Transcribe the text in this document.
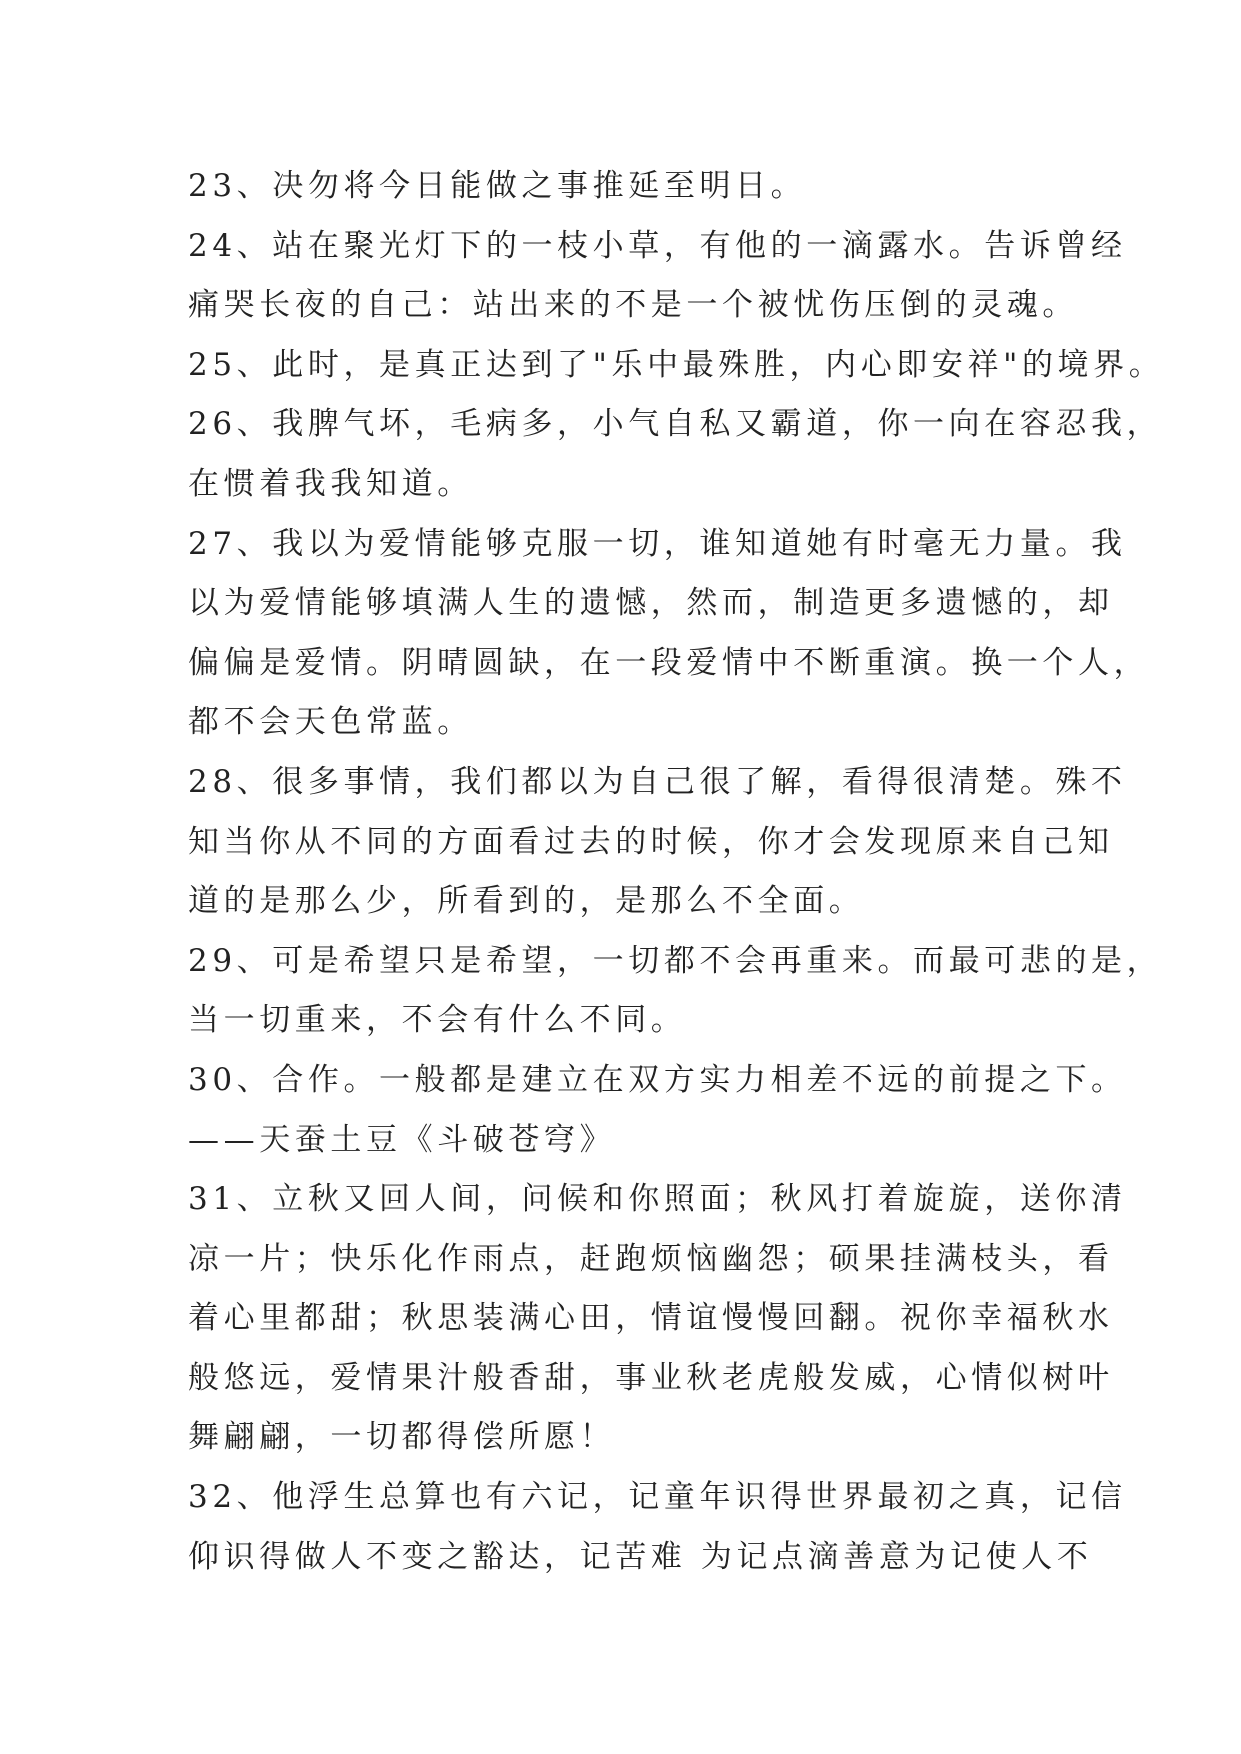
23、决勿将今日能做之事推延至明日。
24、站在聚光灯下的一枝小草，有他的一滴露水。告诉曾经
痛哭长夜的自己：站出来的不是一个被忧伤压倒的灵魂。
25、此时，是真正达到了"乐中最殊胜，内心即安祥"的境界。
26、我脾气坏，毛病多，小气自私又霸道，你一向在容忍我，
在惯着我我知道。
27、我以为爱情能够克服一切，谁知道她有时毫无力量。我
以为爱情能够填满人生的遗憾，然而，制造更多遗憾的，却
偏偏是爱情。阴晴圆缺，在一段爱情中不断重演。换一个人，
都不会天色常蓝。
28、很多事情，我们都以为自己很了解，看得很清楚。殊不
知当你从不同的方面看过去的时候，你才会发现原来自己知
道的是那么少，所看到的，是那么不全面。
29、可是希望只是希望，一切都不会再重来。而最可悲的是，
当一切重来，不会有什么不同。
30、合作。一般都是建立在双方实力相差不远的前提之下。
——天蚕土豆《斗破苍穹》
31、立秋又回人间，问候和你照面；秋风打着旋旋，送你清
凉一片；快乐化作雨点，赶跑烦恼幽怨；硕果挂满枝头，看
着心里都甜；秋思装满心田，情谊慢慢回翻。祝你幸福秋水
般悠远，爱情果汁般香甜，事业秋老虎般发威，心情似树叶
舞翩翩，一切都得偿所愿！
32、他浮生总算也有六记，记童年识得世界最初之真，记信
仰识得做人不变之豁达，记苦难 为记点滴善意为记使人不
